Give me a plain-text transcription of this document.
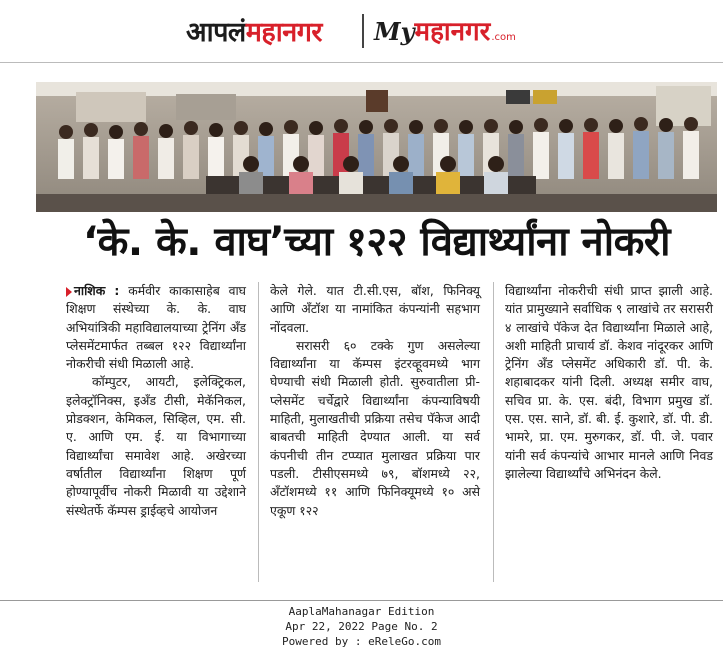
आपलंमहानगर Myमहानगर.com
‘के. के. वाघ’च्या १२२ विद्यार्थ्यांना नोकरी

नाशिक : कर्मवीर काकासाहेब वाघ शिक्षण संस्थेच्या के. के. वाघ अभियांत्रिकी महाविद्यालयाच्या ट्रेनिंग अँड प्लेसमेंटमार्फत तब्बल १२२ विद्यार्थ्यांना नोकरीची संधी मिळाली आहे.

कॉम्पुटर, आयटी, इलेक्ट्रिकल, इलेक्ट्रॉनिक्स, इअँड टीसी, मेकॅनिकल, प्रोडक्शन, केमिकल, सिव्हिल, एम. सी. ए. आणि एम. ई. या विभागाच्या विद्यार्थ्यांचा समावेश आहे. अखेरच्या वर्षातील विद्यार्थ्यांना शिक्षण पूर्ण होण्यापूर्वीच नोकरी मिळावी या उद्देशाने संस्थेतर्फे कॅम्पस ड्राईव्हचे आयोजन

केले गेले. यात टी.सी.एस, बॉश, फिनिक्यू आणि अँटॉश या नामांकित कंपन्यांनी सहभाग नोंदवला.

सरासरी ६० टक्के गुण असलेल्या विद्यार्थ्यांना या कॅम्पस इंटरव्हूवमध्ये भाग घेण्याची संधी मिळाली होती. सुरुवातीला प्री-प्लेसमेंट चर्चेद्वारे विद्यार्थ्यांना कंपन्याविषयी माहिती, मुलाखतीची प्रक्रिया तसेच पॅकेज आदी बाबतची माहिती देण्यात आली. या सर्व कंपनीची तीन टप्प्यात मुलाखत प्रक्रिया पार पडली. टीसीएसमध्ये ७९, बॉशमध्ये २२, अँटॉशमध्ये ११ आणि फिनिक्यूमध्ये १० असे एकूण १२२

विद्यार्थ्यांना नोकरीची संधी प्राप्त झाली आहे. यांत प्रामुख्याने सर्वाधिक ९ लाखांचे तर सरासरी ४ लाखांचे पॅकेज देत विद्यार्थ्यांना मिळाले आहे, अशी माहिती प्राचार्य डॉ. केशव नांदूरकर आणि ट्रेनिंग अँड प्लेसमेंट अधिकारी डॉ. पी. के. शहाबादकर यांनी दिली. अध्यक्ष समीर वाघ, सचिव प्रा. के. एस. बंदी, विभाग प्रमुख डॉ. एस. एस. साने, डॉ. बी. ई. कुशारे, डॉ. पी. डी. भामरे, प्रा. एम. मुरुगकर, डॉ. पी. जे. पवार यांनी सर्व कंपन्यांचे आभार मानले आणि निवड झालेल्या विद्यार्थ्यांचे अभिनंदन केले.

AaplaMahanagar Edition
Apr 22, 2022 Page No. 2
Powered by : eReleGo.com
